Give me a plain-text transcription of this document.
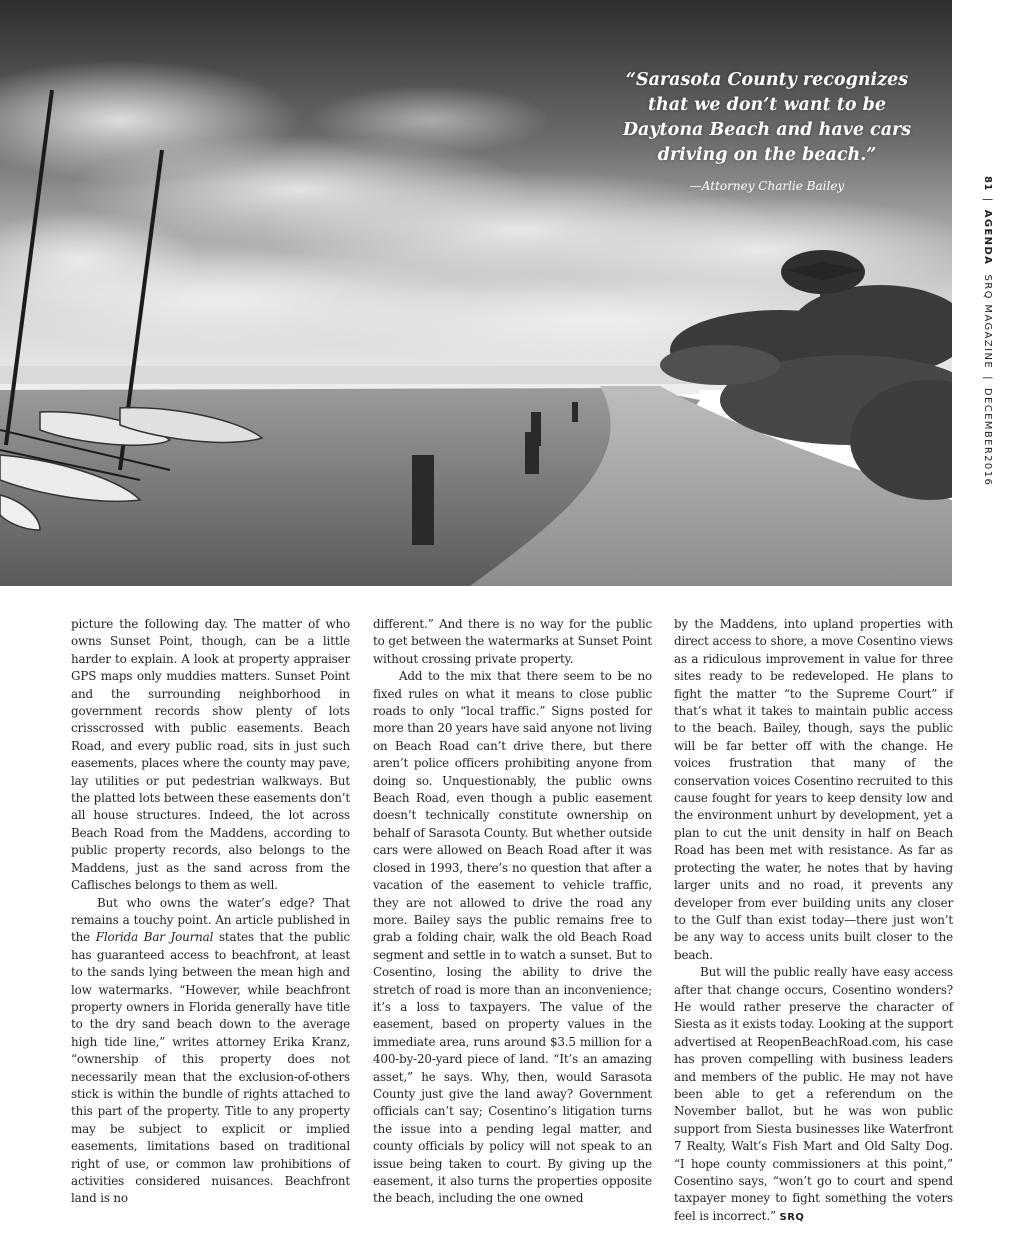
“Sarasota County recognizes that we don’t want to be Daytona Beach and have cars driving on the beach.”
—Attorney Charlie Bailey	81|AGENDA  SRQ MAGAZINE|DECEMBER2016

picture the following day. The matter of who owns Sunset Point, though, can be a little harder to explain. A look at property appraiser GPS maps only muddies matters. Sunset Point and the surrounding neighborhood in government records show plenty of lots crisscrossed with public easements. Beach Road, and every public road, sits in just such easements, places where the county may pave, lay utilities or put pedestrian walkways. But the platted lots between these easements don’t all house structures. Indeed, the lot across Beach Road from the Maddens, according to public property records, also belongs to the Maddens, just as the sand across from the Caflisches belongs to them as well.

But who owns the water’s edge? That remains a touchy point. An article published in the Florida Bar Journal states that the public has guaranteed access to beachfront, at least to the sands lying between the mean high and low watermarks. “However, while beachfront property owners in Florida generally have title to the dry sand beach down to the average high tide line,” writes attorney Erika Kranz, “ownership of this property does not necessarily mean that the exclusion-of-others stick is within the bundle of rights attached to this part of the property. Title to any property may be subject to explicit or implied easements, limitations based on traditional right of use, or common law prohibitions of activities considered nuisances. Beachfront land is no

different.” And there is no way for the public to get between the watermarks at Sunset Point without crossing private property.

Add to the mix that there seem to be no fixed rules on what it means to close public roads to only “local traffic.” Signs posted for more than 20 years have said anyone not living on Beach Road can’t drive there, but there aren’t police officers prohibiting anyone from doing so. Unquestionably, the public owns Beach Road, even though a public easement doesn’t technically constitute ownership on behalf of Sarasota County. But whether outside cars were allowed on Beach Road after it was closed in 1993, there’s no question that after a vacation of the easement to vehicle traffic, they are not allowed to drive the road any more. Bailey says the public remains free to grab a folding chair, walk the old Beach Road segment and settle in to watch a sunset. But to Cosentino, losing the ability to drive the stretch of road is more than an inconvenience; it’s a loss to taxpayers. The value of the easement, based on property values in the immediate area, runs around $3.5 million for a 400-by-20-yard piece of land. “It’s an amazing asset,” he says. Why, then, would Sarasota County just give the land away? Government officials can’t say; Cosentino’s litigation turns the issue into a pending legal matter, and county officials by policy will not speak to an issue being taken to court. By giving up the easement, it also turns the properties opposite the beach, including the one owned

by the Maddens, into upland properties with direct access to shore, a move Cosentino views as a ridiculous improvement in value for three sites ready to be redeveloped. He plans to fight the matter “to the Supreme Court” if that’s what it takes to maintain public access to the beach. Bailey, though, says the public will be far better off with the change. He voices frustration that many of the conservation voices Cosentino recruited to this cause fought for years to keep density low and the environment unhurt by development, yet a plan to cut the unit density in half on Beach Road has been met with resistance. As far as protecting the water, he notes that by having larger units and no road, it prevents any developer from ever building units any closer to the Gulf than exist today—there just won’t be any way to access units built closer to the beach.

But will the public really have easy access after that change occurs, Cosentino wonders? He would rather preserve the character of Siesta as it exists today. Looking at the support advertised at ReopenBeachRoad.com, his case has proven compelling with business leaders and members of the public. He may not have been able to get a referendum on the November ballot, but he was won public support from Siesta businesses like Waterfront 7 Realty, Walt’s Fish Mart and Old Salty Dog. “I hope county commissioners at this point,” Cosentino says, “won’t go to court and spend taxpayer money to fight something the voters feel is incorrect.” SRQ
